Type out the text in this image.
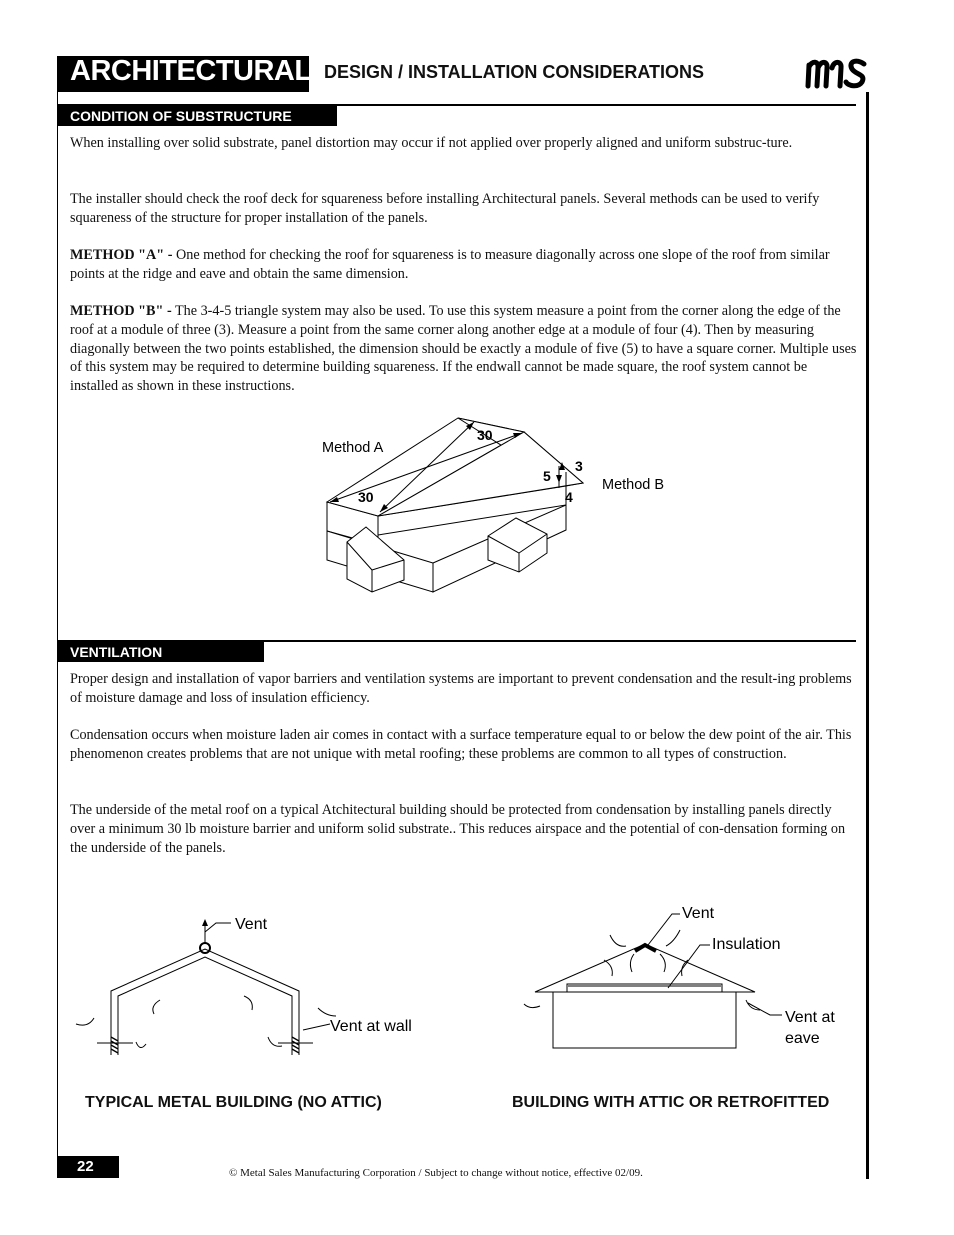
ARCHITECTURAL DESIGN / INSTALLATION CONSIDERATIONS
CONDITION OF SUBSTRUCTURE
When installing over solid substrate, panel distortion may occur if not applied over properly aligned and uniform substruc-ture.
The installer should check the roof deck for squareness before installing Architectural panels. Several methods can be used to verify squareness of the structure for proper installation of the panels.
METHOD "A" - One method for checking the roof for squareness is to measure diagonally across one slope of the roof from similar points at the ridge and eave and obtain the same dimension.
METHOD "B" - The 3-4-5 triangle system may also be used. To use this system measure a point from the corner along the edge of the roof at a module of three (3). Measure a point from the same corner along another edge at a module of four (4). Then by measuring diagonally between the two points established, the dimension should be exactly a module of five (5) to have a square corner. Multiple uses of this system may be required to determine building squareness. If the endwall cannot be made square, the roof system cannot be installed as shown in these instructions.
Method A
Method B
30
30
3
4
5
VENTILATION
Proper design and installation of vapor barriers and ventilation systems are important to prevent condensation and the result-ing problems of moisture damage and loss of insulation efficiency.
Condensation occurs when moisture laden air comes in contact with a surface temperature equal to or below the dew point of the air. This phenomenon creates problems that are not unique with metal roofing; these problems are common to all types of construction.
The underside of the metal roof on a typical Atchitectural building should be protected from condensation by installing panels directly over a minimum 30 lb moisture barrier and uniform solid substrate.. This reduces airspace and the potential of con-densation forming on the underside of the panels.
Vent
Vent at wall
Vent
Insulation
Vent at
eave
TYPICAL METAL BUILDING (NO ATTIC)	BUILDING WITH ATTIC OR RETROFITTED
22	© Metal Sales Manufacturing Corporation / Subject to change without notice, effective 02/09.
